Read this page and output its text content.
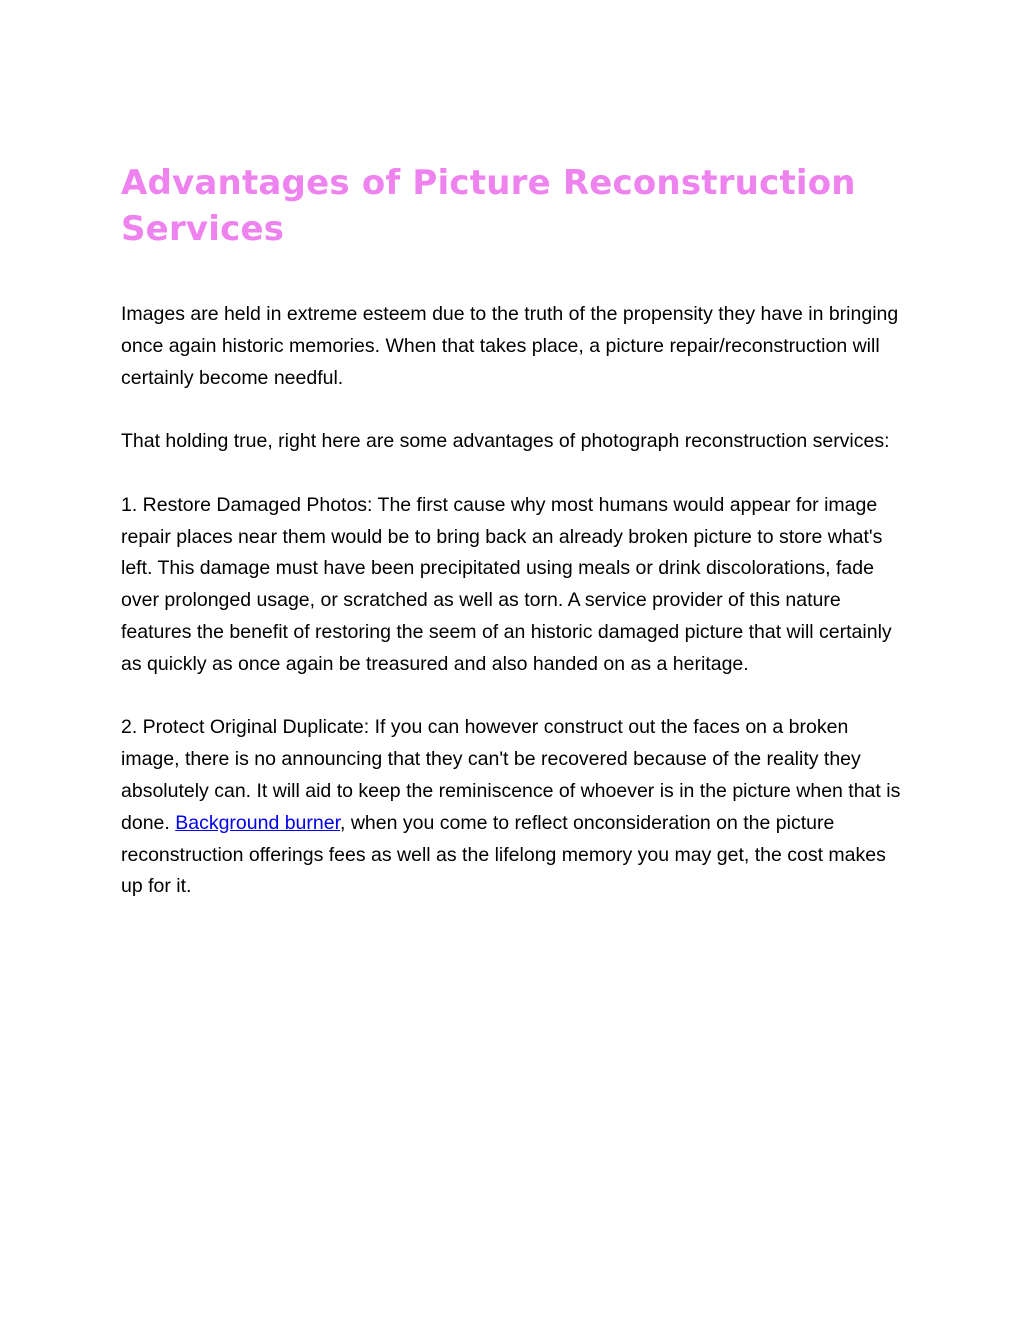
Advantages of Picture Reconstruction Services

Images are held in extreme esteem due to the truth of the propensity they have in bringing once again historic memories. When that takes place, a picture repair/reconstruction will certainly become needful.

That holding true, right here are some advantages of photograph reconstruction services:

1. Restore Damaged Photos: The first cause why most humans would appear for image repair places near them would be to bring back an already broken picture to store what's left. This damage must have been precipitated using meals or drink discolorations, fade over prolonged usage, or scratched as well as torn. A service provider of this nature features the benefit of restoring the seem of an historic damaged picture that will certainly as quickly as once again be treasured and also handed on as a heritage.

2. Protect Original Duplicate: If you can however construct out the faces on a broken image, there is no announcing that they can't be recovered because of the reality they absolutely can. It will aid to keep the reminiscence of whoever is in the picture when that is done. Background burner, when you come to reflect onconsideration on the picture reconstruction offerings fees as well as the lifelong memory you may get, the cost makes up for it.
